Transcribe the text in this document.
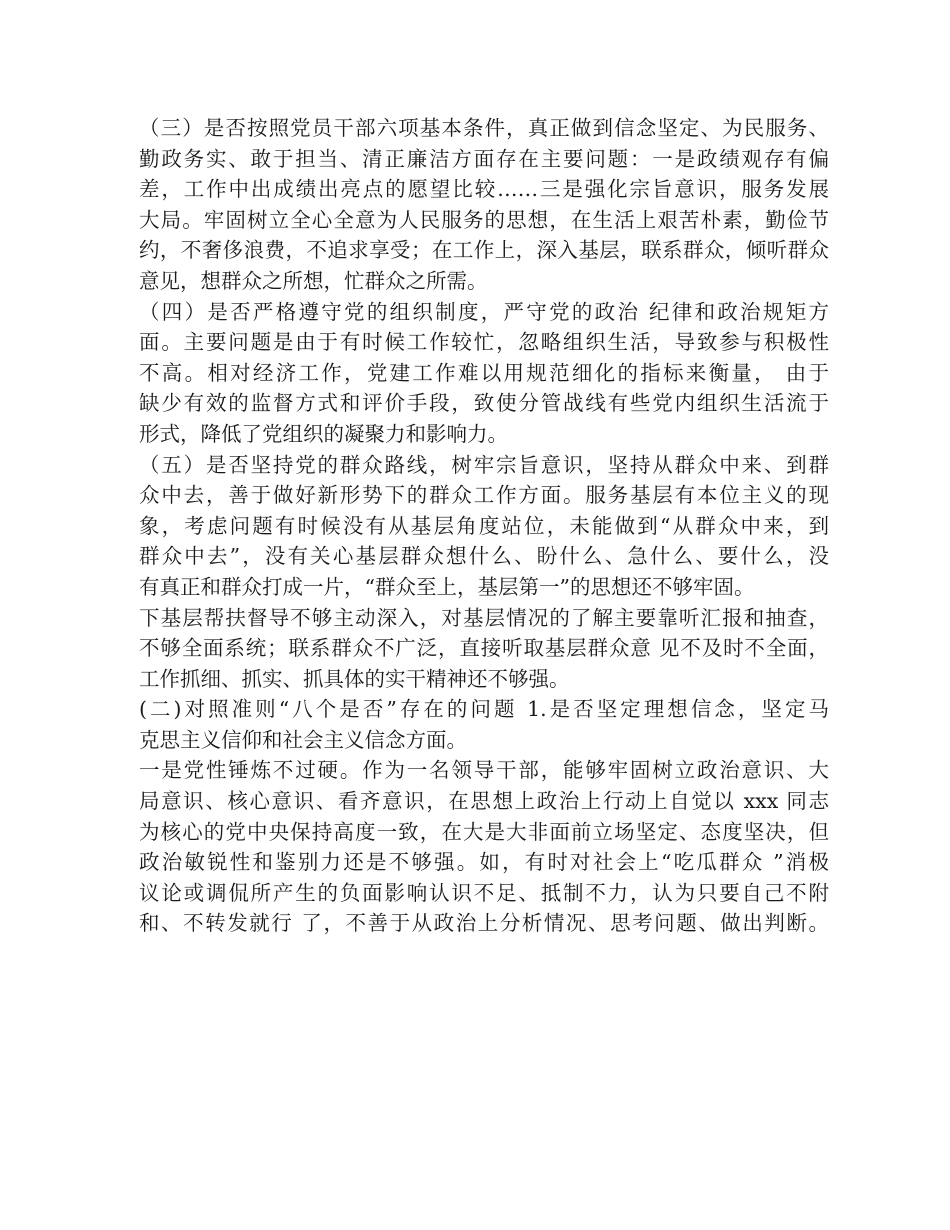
（三）是否按照党员干部六项基本条件，真正做到信念坚定、为民服务、
勤政务实、敢于担当、清正廉洁方面存在主要问题：一是政绩观存有偏
差，工作中出成绩出亮点的愿望比较……三是强化宗旨意识，服务发展
大局。牢固树立全心全意为人民服务的思想，在生活上艰苦朴素，勤俭节
约，不奢侈浪费，不追求享受；在工作上，深入基层，联系群众，倾听群众
意见，想群众之所想，忙群众之所需。
（四）是否严格遵守党的组织制度，严守党的政治 纪律和政治规矩方
面。主要问题是由于有时候工作较忙，忽略组织生活，导致参与积极性
不高。相对经济工作，党建工作难以用规范细化的指标来衡量， 由于
缺少有效的监督方式和评价手段，致使分管战线有些党内组织生活流于
形式，降低了党组织的凝聚力和影响力。
（五）是否坚持党的群众路线，树牢宗旨意识，坚持从群众中来、到群
众中去，善于做好新形势下的群众工作方面。服务基层有本位主义的现
象，考虑问题有时候没有从基层角度站位，未能做到“从群众中来，到
群众中去”，没有关心基层群众想什么、盼什么、急什么、要什么，没
有真正和群众打成一片，“群众至上，基层第一”的思想还不够牢固。
下基层帮扶督导不够主动深入，对基层情况的了解主要靠听汇报和抽查，
不够全面系统；联系群众不广泛，直接听取基层群众意 见不及时不全面，
工作抓细、抓实、抓具体的实干精神还不够强。
(二)对照准则“八个是否”存在的问题 1.是否坚定理想信念，坚定马
克思主义信仰和社会主义信念方面。
一是党性锤炼不过硬。作为一名领导干部，能够牢固树立政治意识、大
局意识、核心意识、看齐意识，在思想上政治上行动上自觉以 xxx 同志
为核心的党中央保持高度一致，在大是大非面前立场坚定、态度坚决，但
政治敏锐性和鉴别力还是不够强。如，有时对社会上“吃瓜群众 ”消极
议论或调侃所产生的负面影响认识不足、抵制不力，认为只要自己不附
和、不转发就行 了，不善于从政治上分析情况、思考问题、做出判断。
